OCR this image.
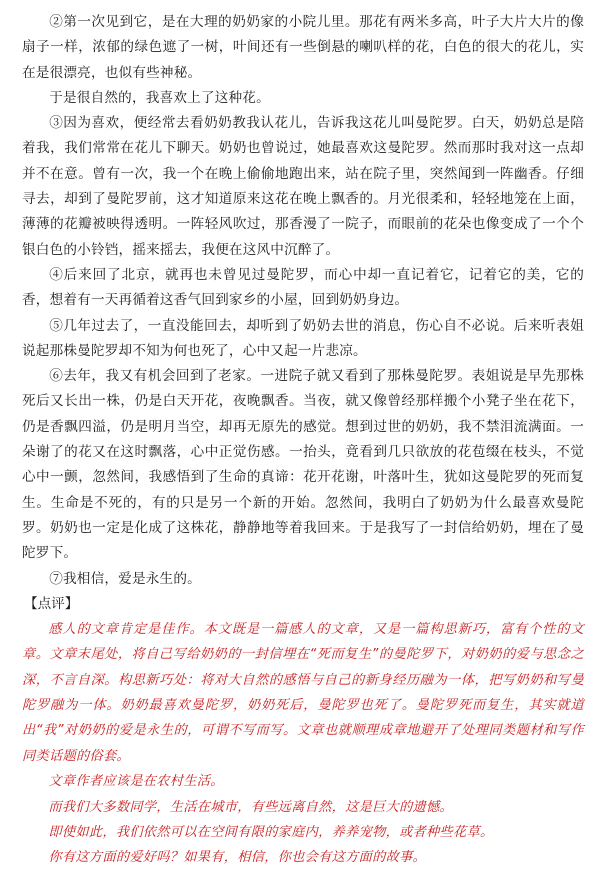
②第一次见到它，是在大理的奶奶家的小院儿里。那花有两米多高，叶子大片大片的像扇子一样，浓郁的绿色遮了一树，叶间还有一些倒悬的喇叭样的花，白色的很大的花儿，实在是很漂亮，也似有些神秘。

于是很自然的，我喜欢上了这种花。

③因为喜欢，便经常去看奶奶教我认花儿，告诉我这花儿叫曼陀罗。白天，奶奶总是陪着我，我们常常在花儿下聊天。奶奶也曾说过，她最喜欢这曼陀罗。然而那时我对这一点却并不在意。曾有一次，我一个在晚上偷偷地跑出来，站在院子里，突然闻到一阵幽香。仔细寻去，却到了曼陀罗前，这才知道原来这花在晚上飘香的。月光很柔和，轻轻地笼在上面，薄薄的花瓣被映得透明。一阵轻风吹过，那香漫了一院子，而眼前的花朵也像变成了一个个银白色的小铃铛，摇来摇去，我便在这风中沉醉了。

④后来回了北京，就再也未曾见过曼陀罗，而心中却一直记着它，记着它的美，它的香，想着有一天再循着这香气回到家乡的小屋，回到奶奶身边。

⑤几年过去了，一直没能回去，却听到了奶奶去世的消息，伤心自不必说。后来听表姐说起那株曼陀罗却不知为何也死了，心中又起一片悲凉。

⑥去年，我又有机会回到了老家。一进院子就又看到了那株曼陀罗。表姐说是早先那株死后又长出一株，仍是白天开花，夜晚飘香。当夜，就又像曾经那样搬个小凳子坐在花下，仍是香飘四溢，仍是明月当空，却再无原先的感觉。想到过世的奶奶，我不禁泪流满面。一朵谢了的花又在这时飘落，心中正觉伤感。一抬头，竟看到几只欲放的花苞缀在枝头，不觉心中一颤，忽然间，我感悟到了生命的真谛：花开花谢，叶落叶生，犹如这曼陀罗的死而复生。生命是不死的，有的只是另一个新的开始。忽然间，我明白了奶奶为什么最喜欢曼陀罗。奶奶也一定是化成了这株花，静静地等着我回来。于是我写了一封信给奶奶，埋在了曼陀罗下。

⑦我相信，爱是永生的。

【点评】

感人的文章肯定是佳作。本文既是一篇感人的文章，又是一篇构思新巧，富有个性的文章。文章末尾处，将自己写给奶奶的一封信埋在“死而复生”的曼陀罗下，对奶奶的爱与思念之深，不言自深。构思新巧处：将对大自然的感悟与自己的新身经历融为一体，把写奶奶和写曼陀罗融为一体。奶奶最喜欢曼陀罗，奶奶死后，曼陀罗也死了。曼陀罗死而复生，其实就道出“我”对奶奶的爱是永生的，可谓不写而写。文章也就顺理成章地避开了处理同类题材和写作同类话题的俗套。

文章作者应该是在农村生活。

而我们大多数同学，生活在城市，有些远离自然，这是巨大的遗憾。

即使如此，我们依然可以在空间有限的家庭内，养养宠物，或者种些花草。

你有这方面的爱好吗？如果有，相信，你也会有这方面的故事。
